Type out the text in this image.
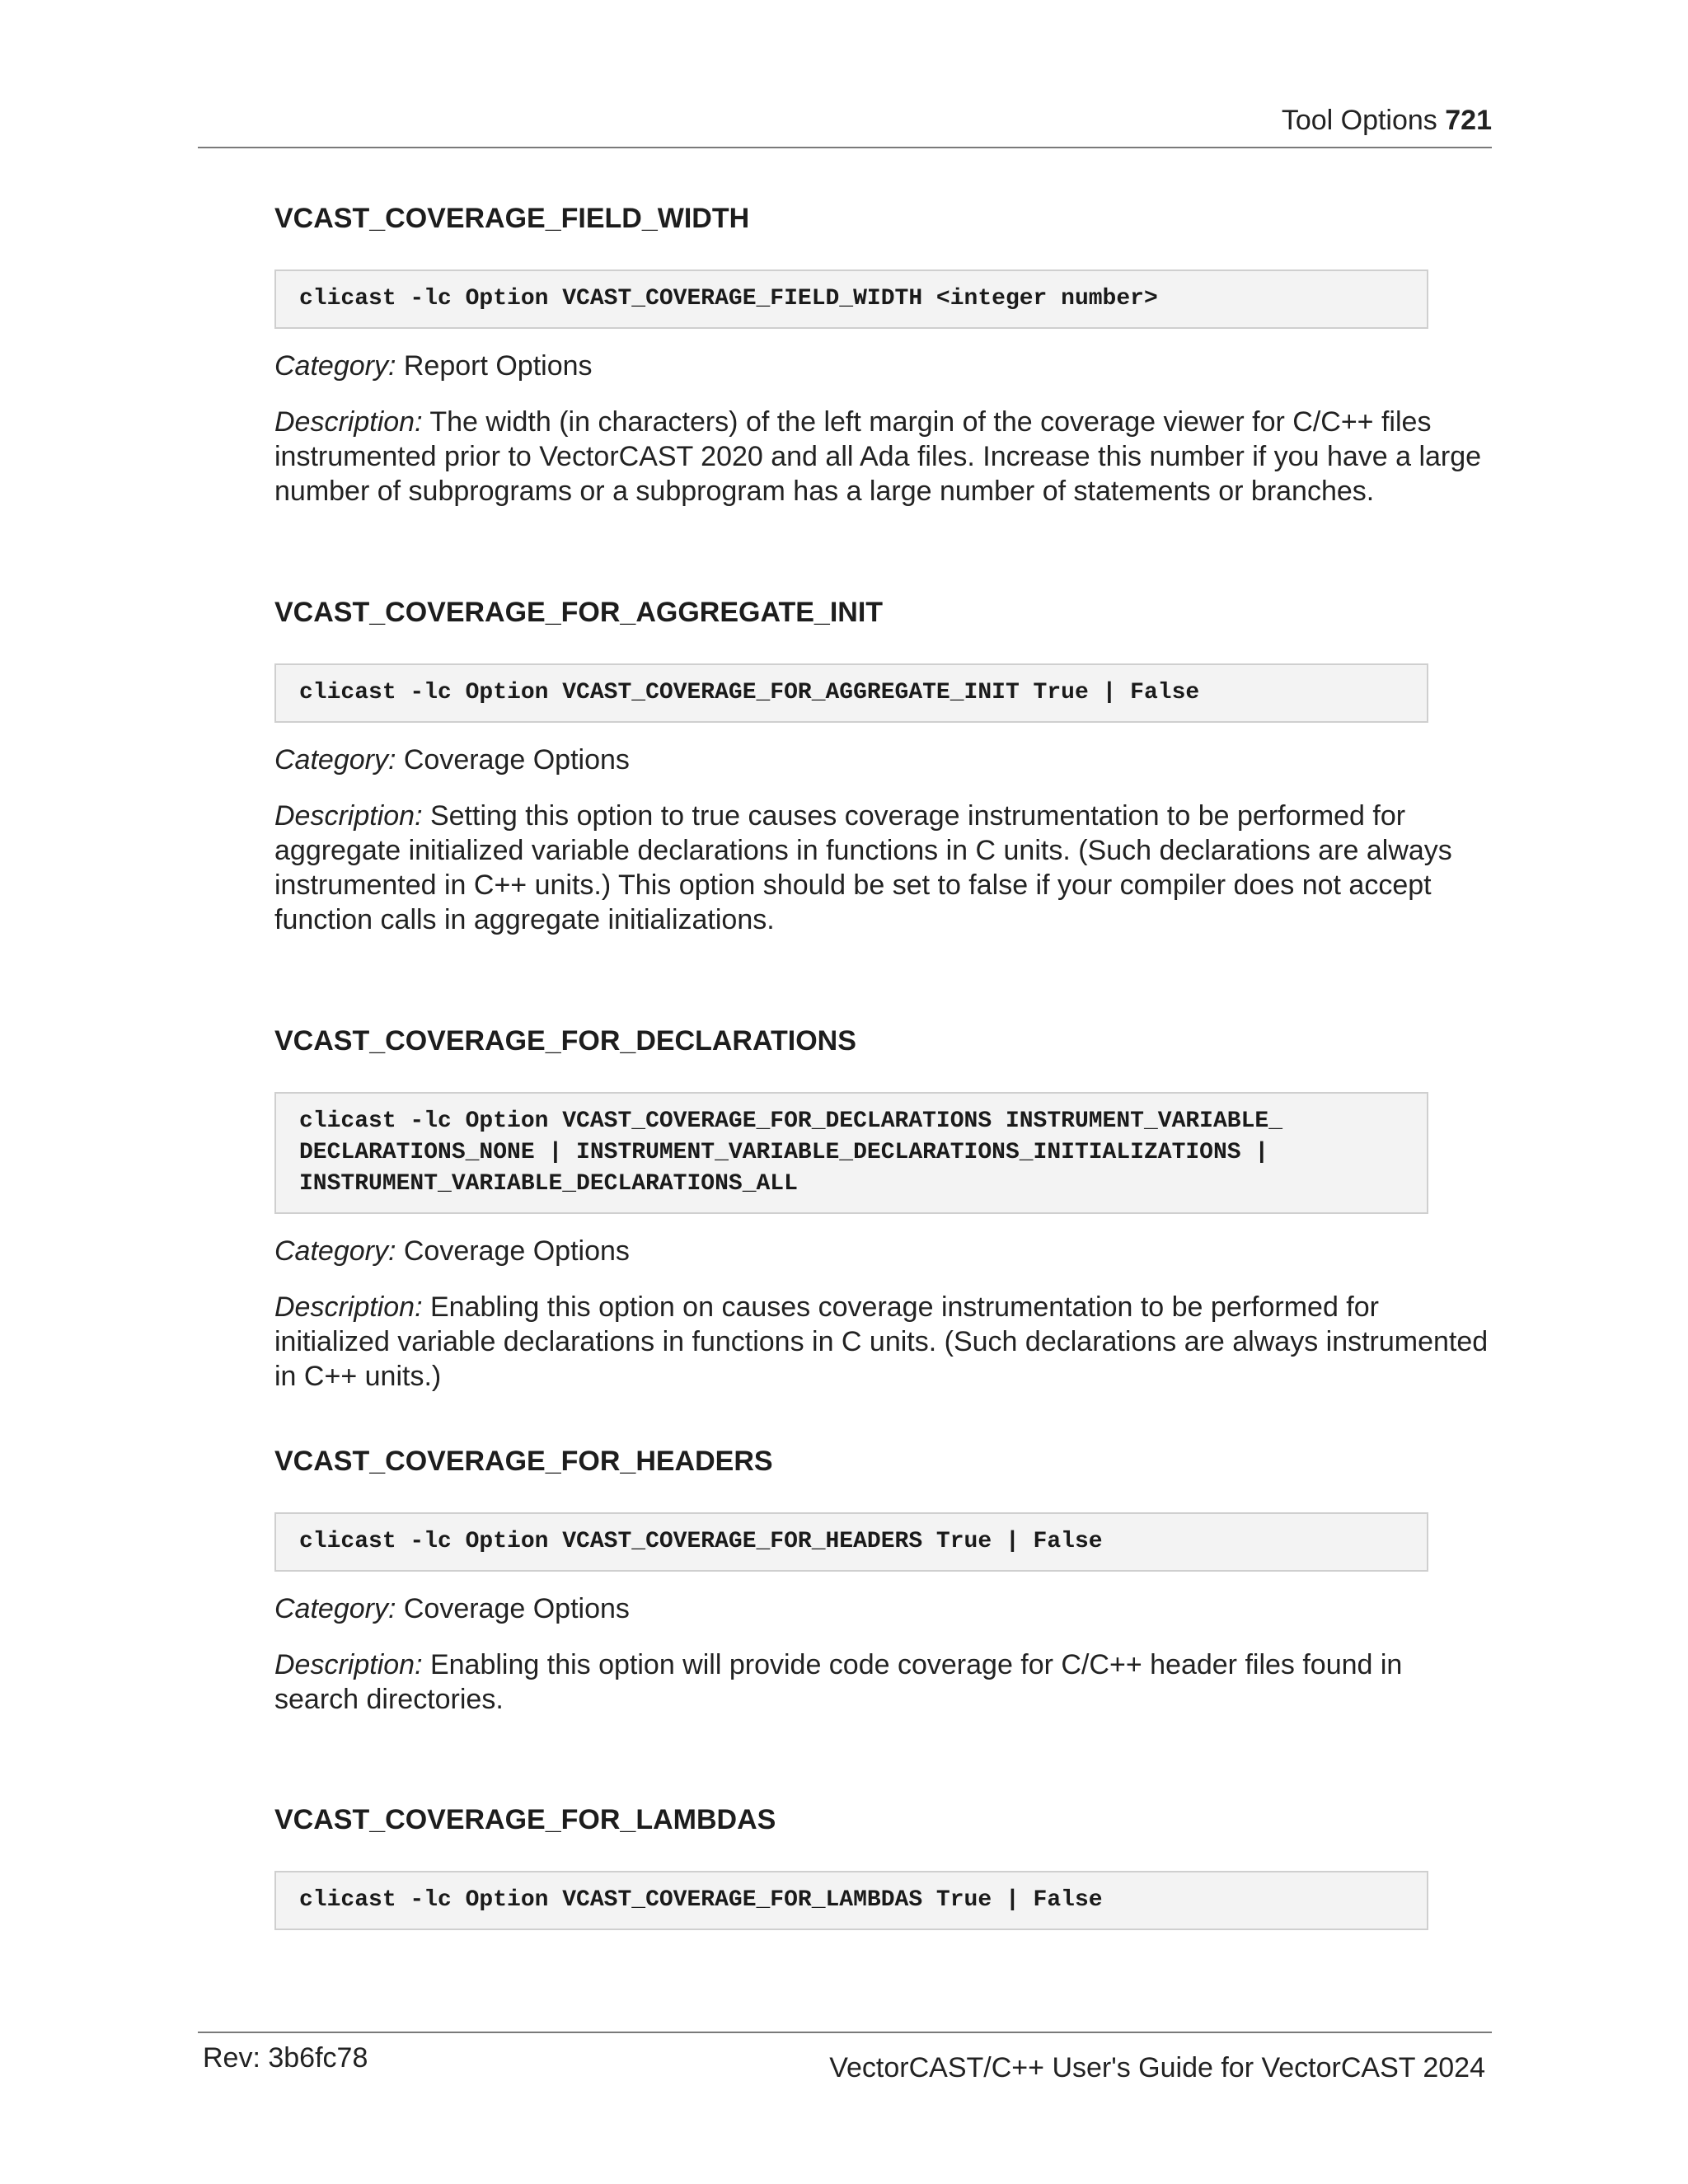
Tool Options 721
VCAST_COVERAGE_FIELD_WIDTH
clicast -lc Option VCAST_COVERAGE_FIELD_WIDTH <integer number>

Category: Report Options

Description: The width (in characters) of the left margin of the coverage viewer for C/C++ files instrumented prior to VectorCAST 2020 and all Ada files. Increase this number if you have a large number of subprograms or a subprogram has a large number of statements or branches.

VCAST_COVERAGE_FOR_AGGREGATE_INIT
clicast -lc Option VCAST_COVERAGE_FOR_AGGREGATE_INIT True | False

Category: Coverage Options

Description: Setting this option to true causes coverage instrumentation to be performed for aggregate initialized variable declarations in functions in C units. (Such declarations are always instrumented in C++ units.) This option should be set to false if your compiler does not accept function calls in aggregate initializations.

VCAST_COVERAGE_FOR_DECLARATIONS
clicast -lc Option VCAST_COVERAGE_FOR_DECLARATIONS INSTRUMENT_VARIABLE_
DECLARATIONS_NONE | INSTRUMENT_VARIABLE_DECLARATIONS_INITIALIZATIONS |
INSTRUMENT_VARIABLE_DECLARATIONS_ALL

Category: Coverage Options

Description: Enabling this option on causes coverage instrumentation to be performed for initialized variable declarations in functions in C units. (Such declarations are always instrumented in C++ units.)

VCAST_COVERAGE_FOR_HEADERS
clicast -lc Option VCAST_COVERAGE_FOR_HEADERS True | False

Category: Coverage Options

Description: Enabling this option will provide code coverage for C/C++ header files found in search directories.

VCAST_COVERAGE_FOR_LAMBDAS
clicast -lc Option VCAST_COVERAGE_FOR_LAMBDAS True | False
Rev: 3b6fc78	VectorCAST/C++ User's Guide for VectorCAST 2024
